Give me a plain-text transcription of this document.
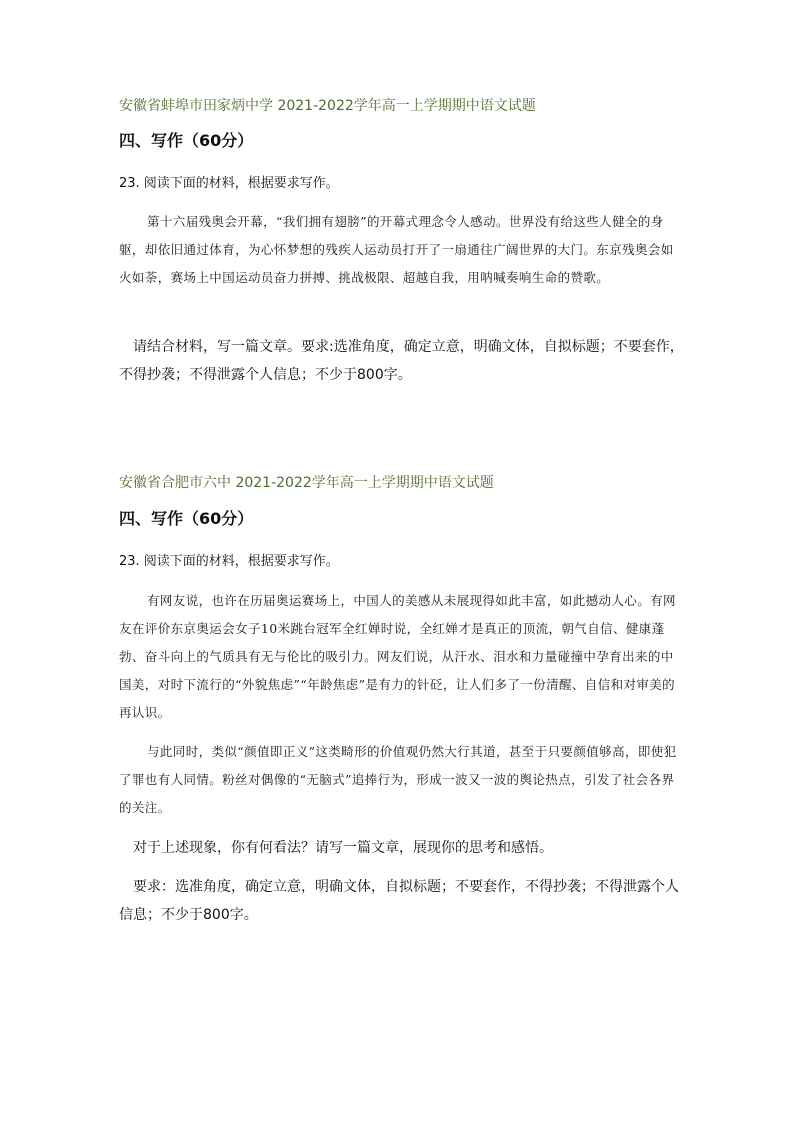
安徽省蚌埠市田家炳中学 2021-2022学年高一上学期期中语文试题
四、写作（60分）
23. 阅读下面的材料，根据要求写作。

第十六届残奥会开幕，“我们拥有翅膀”的开幕式理念令人感动。世界没有给这些人健全的身躯，却依旧通过体育，为心怀梦想的残疾人运动员打开了一扇通往广阔世界的大门。东京残奥会如火如荼，赛场上中国运动员奋力拼搏、挑战极限、超越自我，用呐喊奏响生命的赞歌。

请结合材料，写一篇文章。要求:选准角度，确定立意，明确文体，自拟标题；不要套作，不得抄袭；不得泄露个人信息；不少于800字。

安徽省合肥市六中 2021-2022学年高一上学期期中语文试题
四、写作（60分）
23. 阅读下面的材料，根据要求写作。

有网友说，也许在历届奥运赛场上，中国人的美感从未展现得如此丰富，如此撼动人心。有网友在评价东京奥运会女子10米跳台冠军全红婵时说，全红婵才是真正的顶流，朝气自信、健康蓬勃、奋斗向上的气质具有无与伦比的吸引力。网友们说，从汗水、泪水和力量碰撞中孕育出来的中国美，对时下流行的“外貌焦虑”“年龄焦虑”是有力的针砭，让人们多了一份清醒、自信和对审美的再认识。

与此同时，类似“颜值即正义”这类畸形的价值观仍然大行其道，甚至于只要颜值够高，即使犯了罪也有人同情。粉丝对偶像的“无脑式”追捧行为，形成一波又一波的舆论热点，引发了社会各界的关注。

对于上述现象，你有何看法？请写一篇文章，展现你的思考和感悟。

要求：选准角度，确定立意，明确文体，自拟标题；不要套作，不得抄袭；不得泄露个人信息；不少于800字。
